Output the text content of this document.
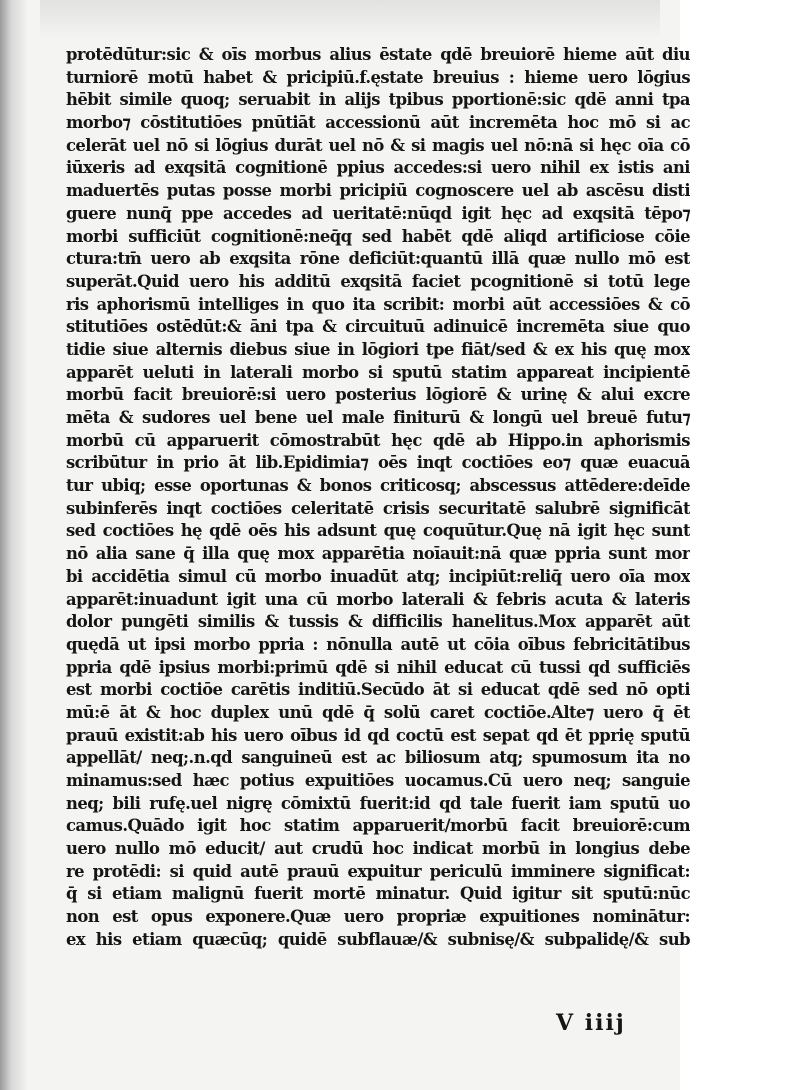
protēdūtur:sic & oīs morbus alius ēstate qdē breuiorē hieme aūt diu
turniorē motū habet & pricipiū.f.ęstate breuius : hieme uero lōgius
hēbit simile quoq; seruabit in alijs tpibus pportionē:sic qdē anni tpa
morbo⁊ cōstitutiōes pnūtiāt accessionū aūt incremēta hoc mō si ac
celerāt uel nō si lōgius durāt uel nō & si magis uel nō:nā si hęc oīa cō
iūxeris ad exqsitā cognitionē ppius accedes:si uero nihil ex istis ani
maduertēs putas posse morbi pricipiū cognoscere uel ab ascēsu disti
guere nunq̄ ppe accedes ad ueritatē:nūqd igit hęc ad exqsitā tēpo⁊
morbi sufficiūt cognitionē:neq̄q sed habēt qdē aliqd artificiose cōie
ctura:tm̄ uero ab exqsita rōne deficiūt:quantū illā quæ nullo mō est
superāt.Quid uero his additū exqsitā faciet pcognitionē si totū lege
ris aphorismū intelliges in quo ita scribit: morbi aūt accessiōes & cō
stitutiōes ostēdūt:& āni tpa & circuituū adinuicē incremēta siue quo
tidie siue alternis diebus siue in lōgiori tpe fiāt/sed & ex his quę mox
apparēt ueluti in laterali morbo si sputū statim appareat incipientē
morbū facit breuiorē:si uero posterius lōgiorē & urinę & alui excre
mēta & sudores uel bene uel male finiturū & longū uel breuē futu⁊
morbū cū apparuerit cōmostrabūt hęc qdē ab Hippo.in aphorismis
scribūtur in prio āt lib.Epidimia⁊ oēs inqt coctiōes eo⁊ quæ euacuā
tur ubiq; esse oportunas & bonos criticosq; abscessus attēdere:deīde
subinferēs inqt coctiōes celeritatē crisis securitatē salubrē significāt
sed coctiōes hę qdē oēs his adsunt quę coquūtur.Quę nā igit hęc sunt
nō alia sane q̄ illa quę mox apparētia noīauit:nā quæ ppria sunt mor
bi accidētia simul cū morbo inuadūt atq; incipiūt:reliq̄ uero oīa mox
apparēt:inuadunt igit una cū morbo laterali & febris acuta & lateris
dolor pungēti similis & tussis & difficilis hanelitus.Mox apparēt aūt
quędā ut ipsi morbo ppria : nōnulla autē ut cōia oībus febricitātibus
ppria qdē ipsius morbi:primū qdē si nihil educat cū tussi qd sufficiēs
est morbi coctiōe carētis inditiū.Secūdo āt si educat qdē sed nō opti
mū:ē āt & hoc duplex unū qdē q̄ solū caret coctiōe.Alte⁊ uero q̄ ēt
prauū existit:ab his uero oībus id qd coctū est sepat qd ēt pprię sputū
appellāt/ neq;.n.qd sanguineū est ac biliosum atq; spumosum ita no
minamus:sed hæc potius expuitiōes uocamus.Cū uero neq; sanguie
neq; bili rufę.uel nigrę cōmixtū fuerit:id qd tale fuerit iam sputū uo
camus.Quādo igit hoc statim apparuerit/morbū facit breuiorē:cum
uero nullo mō educit/ aut crudū hoc indicat morbū in longius debe
re protēdi: si quid autē prauū expuitur periculū imminere significat:
q̄ si etiam malignū fuerit mortē minatur. Quid igitur sit sputū:nūc
non est opus exponere.Quæ uero propriæ expuitiones nominātur:
ex his etiam quæcūq; quidē subflauæ/& subnisę/& subpalidę/& sub
V iiij
